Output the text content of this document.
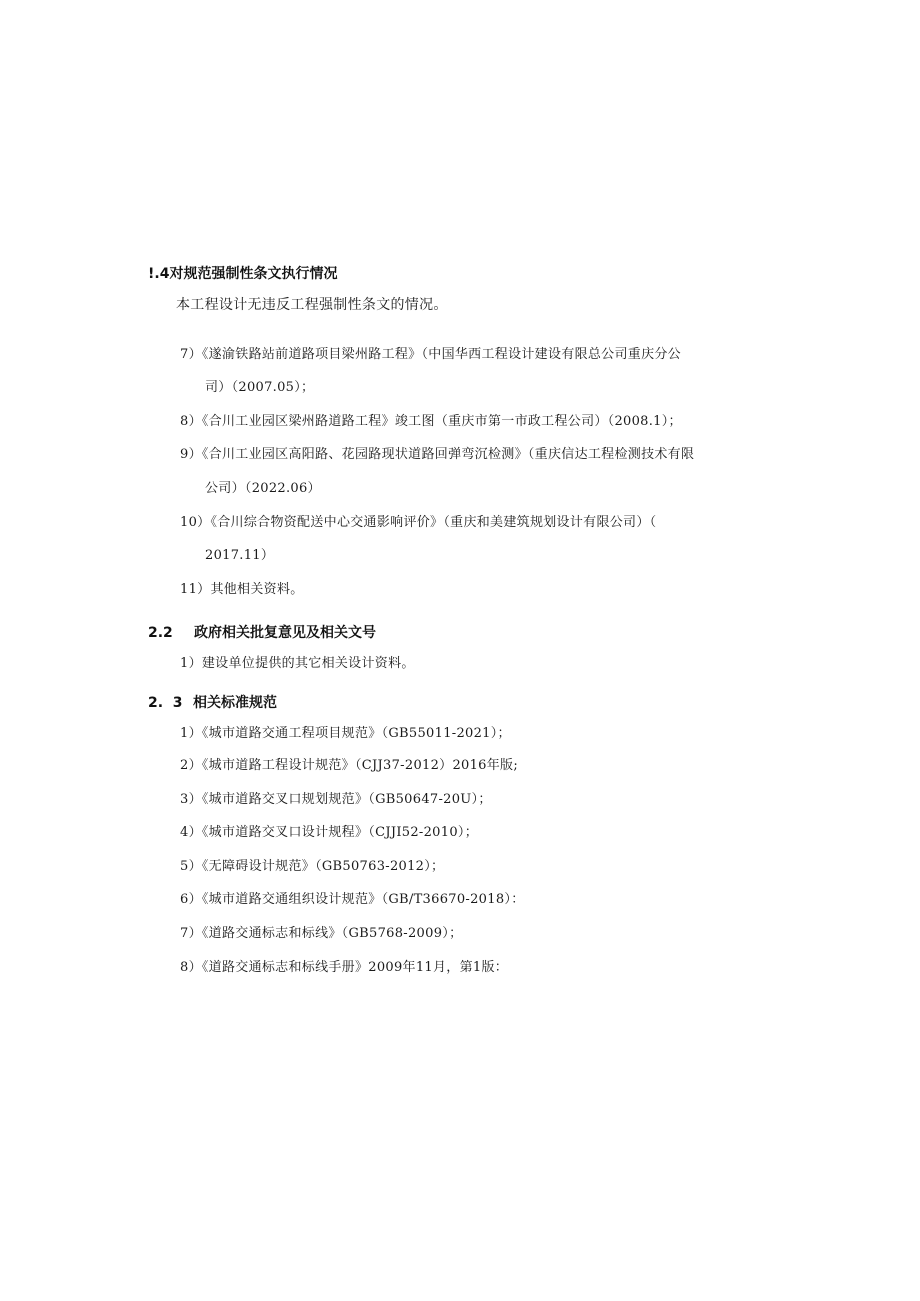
!.4对规范强制性条文执行情况
本工程设计无违反工程强制性条文的情况。
7）《遂渝铁路站前道路项目梁州路工程》（中国华西工程设计建设有限总公司重庆分公
司）（2007.05）；
8）《合川工业园区梁州路道路工程》竣工图（重庆市第一市政工程公司）（2008.1）；
9）《合川工业园区高阳路、花园路现状道路回弹弯沉检测》（重庆信达工程检测技术有限
公司）（2022.06）
10）《合川综合物资配送中心交通影响评价》（重庆和美建筑规划设计有限公司）（
2017.11）
11）其他相关资料。
2.2 政府相关批复意见及相关文号
1）建设单位提供的其它相关设计资料。
2.  3 相关标准规范
1）《城市道路交通工程项目规范》（GB55011-2021）；
2）《城市道路工程设计规范》（CJJ37-2012）2016年版;
3）《城市道路交叉口规划规范》（GB50647-20U）；
4）《城市道路交叉口设计规程》（CJJI52-2010）；
5）《无障碍设计规范》（GB50763-2012）；
6）《城市道路交通组织设计规范》（GB/T36670-2018）：
7）《道路交通标志和标线》（GB5768-2009）；
8）《道路交通标志和标线手册》2009年11月，第1版：
